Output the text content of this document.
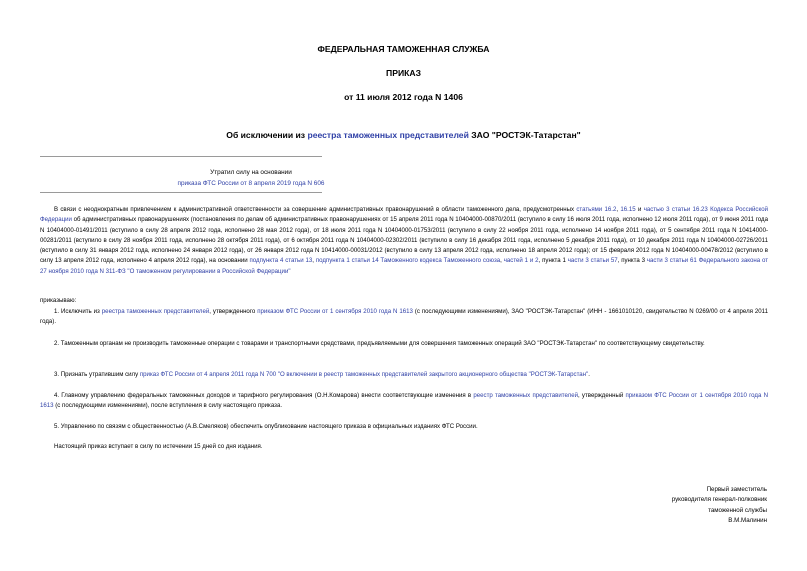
ФЕДЕРАЛЬНАЯ ТАМОЖЕННАЯ СЛУЖБА
ПРИКАЗ
от 11 июля 2012 года N 1406
Об исключении из реестра таможенных представителей ЗАО "РОСТЭК-Татарстан"
Утратил силу на основании
приказа ФТС России от 8 апреля 2019 года N 606
В связи с неоднократным привлечением к административной ответственности за совершение административных правонарушений в области таможенного дела, предусмотренных статьями 16.2, 16.15 и частью 3 статьи 16.23 Кодекса Российской Федерации об административных правонарушениях (постановления по делам об административных правонарушениях от 15 апреля 2011 года N 10404000-00870/2011 (вступило в силу 16 июля 2011 года, исполнено 12 июля 2011 года), от 9 июня 2011 года N 10404000-01491/2011 (вступило в силу 28 апреля 2012 года, исполнено 28 мая 2012 года), от 18 июля 2011 года N 10404000-01753/2011 (вступило в силу 22 ноября 2011 года, исполнено 14 ноября 2011 года), от 5 сентября 2011 года N 10414000-00281/2011 (вступило в силу 28 ноября 2011 года, исполнено 28 октября 2011 года), от 6 октября 2011 года N 10404000-02302/2011 (вступило в силу 16 декабря 2011 года, исполнено 5 декабря 2011 года), от 10 декабря 2011 года N 10404000-02726/2011 (вступило в силу 31 января 2012 года, исполнено 24 января 2012 года), от 26 января 2012 года N 10414000-00031/2012 (вступило в силу 13 апреля 2012 года, исполнено 18 апреля 2012 года); от 15 февраля 2012 года N 10404000-00478/2012 (вступило в силу 13 апреля 2012 года, исполнено 4 апреля 2012 года), на основании подпункта 4 статьи 13, подпункта 1 статьи 14 Таможенного кодекса Таможенного союза, частей 1 и 2, пункта 1 части 3 статьи 57, пункта 3 части 3 статьи 61 Федерального закона от 27 ноября 2010 года N 311-ФЗ "О таможенном регулировании в Российской Федерации"
приказываю:
1. Исключить из реестра таможенных представителей, утвержденного приказом ФТС России от 1 сентября 2010 года N 1613 (с последующими изменениями), ЗАО "РОСТЭК-Татарстан" (ИНН - 1661010120, свидетельство N 0269/00 от 4 апреля 2011 года).
2. Таможенным органам не производить таможенные операции с товарами и транспортными средствами, предъявляемыми для совершения таможенных операций ЗАО "РОСТЭК-Татарстан" по соответствующему свидетельству.
3. Признать утратившим силу приказ ФТС России от 4 апреля 2011 года N 700 "О включении в реестр таможенных представителей закрытого акционерного общества "РОСТЭК-Татарстан".
4. Главному управлению федеральных таможенных доходов и тарифного регулирования (О.Н.Комарова) внести соответствующие изменения в реестр таможенных представителей, утвержденный приказом ФТС России от 1 сентября 2010 года N 1613 (с последующими изменениями), после вступления в силу настоящего приказа.
5. Управлению по связям с общественностью (А.В.Смеляков) обеспечить опубликование настоящего приказа в официальных изданиях ФТС России.
Настоящий приказ вступает в силу по истечении 15 дней со дня издания.
Первый заместитель
руководителя генерал-полковник
таможенной службы
В.М.Малинин
